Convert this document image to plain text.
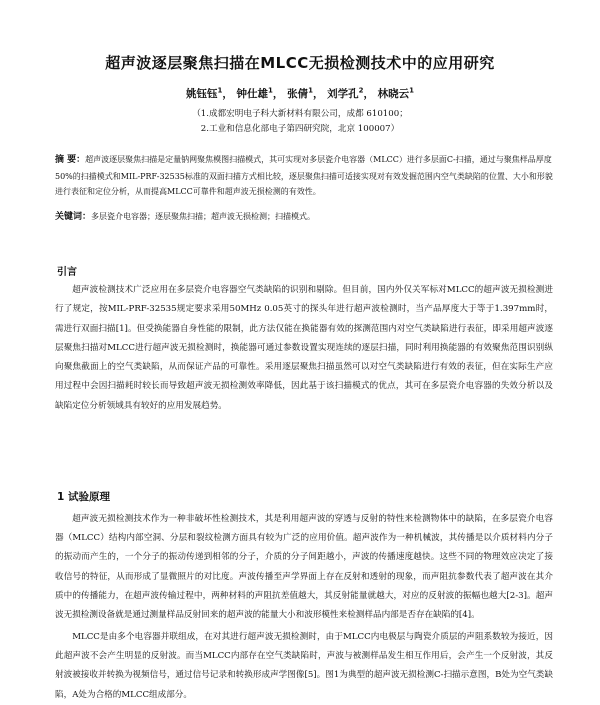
超声波逐层聚焦扫描在MLCC无损检测技术中的应用研究
姚钰钰$^1$， 钟仕雄$^1$， 张倩$^1$， 刘学孔$^2$， 林晓云$^1$
（1.成都宏明电子科大新材料有限公司，成都 610100；
2.工业和信息化部电子第四研究院，北京 100007）
摘 要：超声波逐层聚焦扫描是定量钠网聚焦模图扫描模式，其可实现对多层瓷介电容器（MLCC）进行多层面C-扫描，通过与聚焦样品厚度50%的扫描模式和MIL-PRF-32535标准的双面扫描方式相比较，逐层聚焦扫描可适接实现对有效发掘范围内空气类缺陷的位置、大小和形貌进行表征和定位分析，从而提高MLCC可靠件和超声波无损检测的有效性。
关键词：多层瓷介电容器；逐层聚焦扫描；超声波无损检测；扫描模式。
引言
超声波检测技术广泛应用在多层瓷介电容器空气类缺陷的识别和剔除。但目前，国内外仅关军标对MLCC的超声波无损检测进行了规定，按MIL-PRF-32535规定要求采用50MHz 0.05英寸的探头年进行超声波检测时，当产品厚度大于等于1.397mm时，需进行双面扫描[1]。但受换能器自身性能的限制，此方法仅能在换能器有效的探测范围内对空气类缺陷进行表征，即采用超声波逐层聚焦扫描对MLCC进行超声波无损检测时，换能器可通过参数设置实现连续的逐层扫描，同时利用换能器的有效聚焦范围识别纵向聚焦截面上的空气类缺陷，从而保证产品的可靠性。采用逐层聚焦扫描虽然可以对空气类缺陷进行有效的表征，但在实际生产应用过程中会因扫描耗时较长而导致超声波无损检测效率降低，因此基于该扫描模式的优点，其可在多层瓷介电容器的失效分析以及缺陷定位分析领域具有较好的应用发展趋势。
1 试验原理
超声波无损检测技术作为一种非破坏性检测技术，其是利用超声波的穿透与反射的特性来检测物体中的缺陷，在多层瓷介电容器（MLCC）结构内部空洞、分层和裂纹检测方面具有较为广泛的应用价值。超声波作为一种机械波，其传播是以介质材料内分子的振动而产生的，一个分子的振动传递到相邻的分子，介质的分子间距越小，声波的传播速度越快。这些不同的物理效应决定了接收信号的特征，从而形成了显微照片的对比度。声波传播至声学界面上存在反射和透射的现象，而声阻抗参数代表了超声波在其介质中的传播能力，在超声波传输过程中，两种材料的声阻抗差值越大，其反射能量就越大，对应的反射波的振幅也越大[2-3]。超声波无损检测设备就是通过测量样品反射回来的超声波的能量大小和波形模性来检测样品内部是否存在缺陷的[4]。
MLCC是由多个电容器并联组成，在对其进行超声波无损检测时，由于MLCC内电极层与陶瓷介质层的声阻系数较为接近，因此超声波不会产生明显的反射波。而当MLCC内部存在空气类缺陷时，声波与被测样品发生相互作用后，会产生一个反射波，其反射波被接收并转换为视频信号，通过信号记录和转换形成声学图像[5]。图1为典型的超声波无损检测C-扫描示意图，B处为空气类缺陷，A处为合格的MLCC组成部分。
